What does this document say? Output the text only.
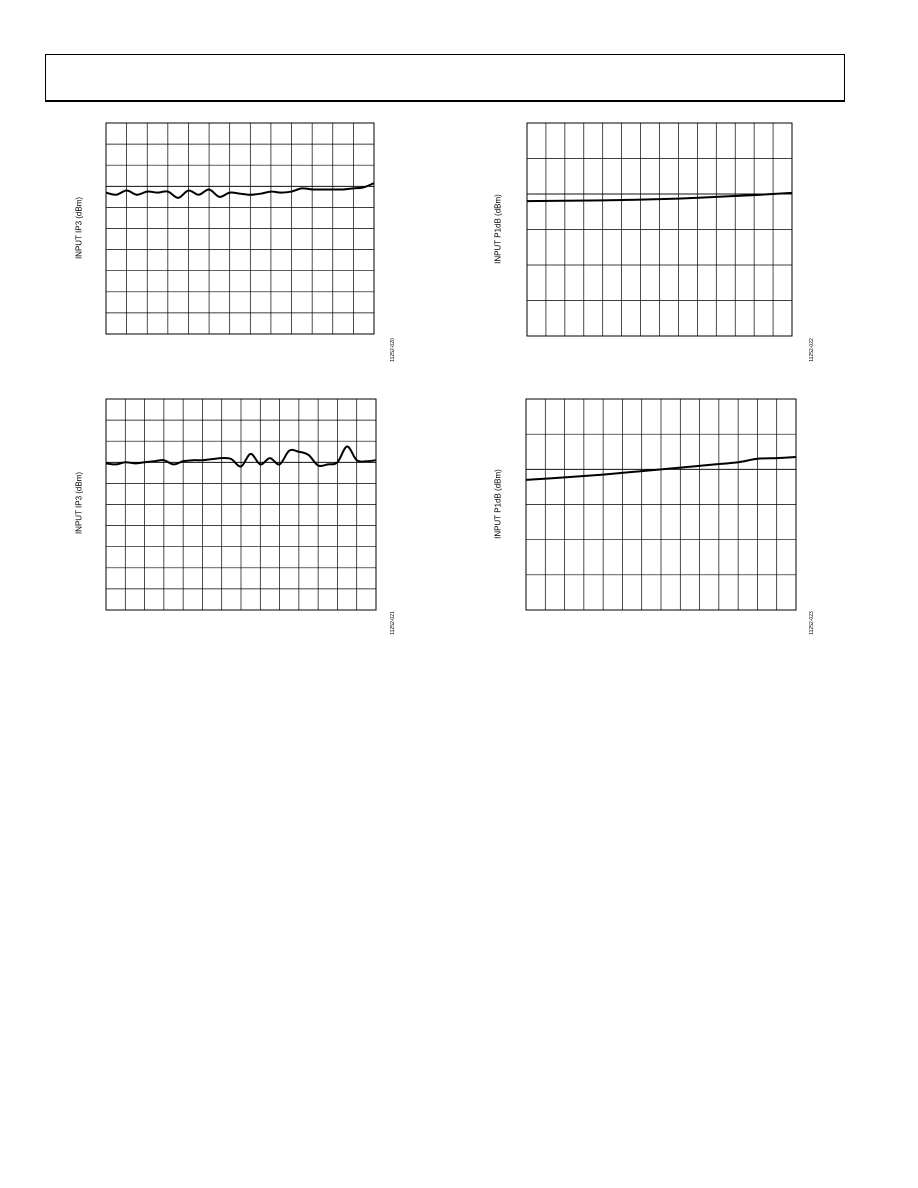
INPUT IP3 (dBm)
11252-020
INPUT P1dB (dBm)
11252-022
INPUT IP3 (dBm)
11252-021
INPUT P1dB (dBm)
11252-023
